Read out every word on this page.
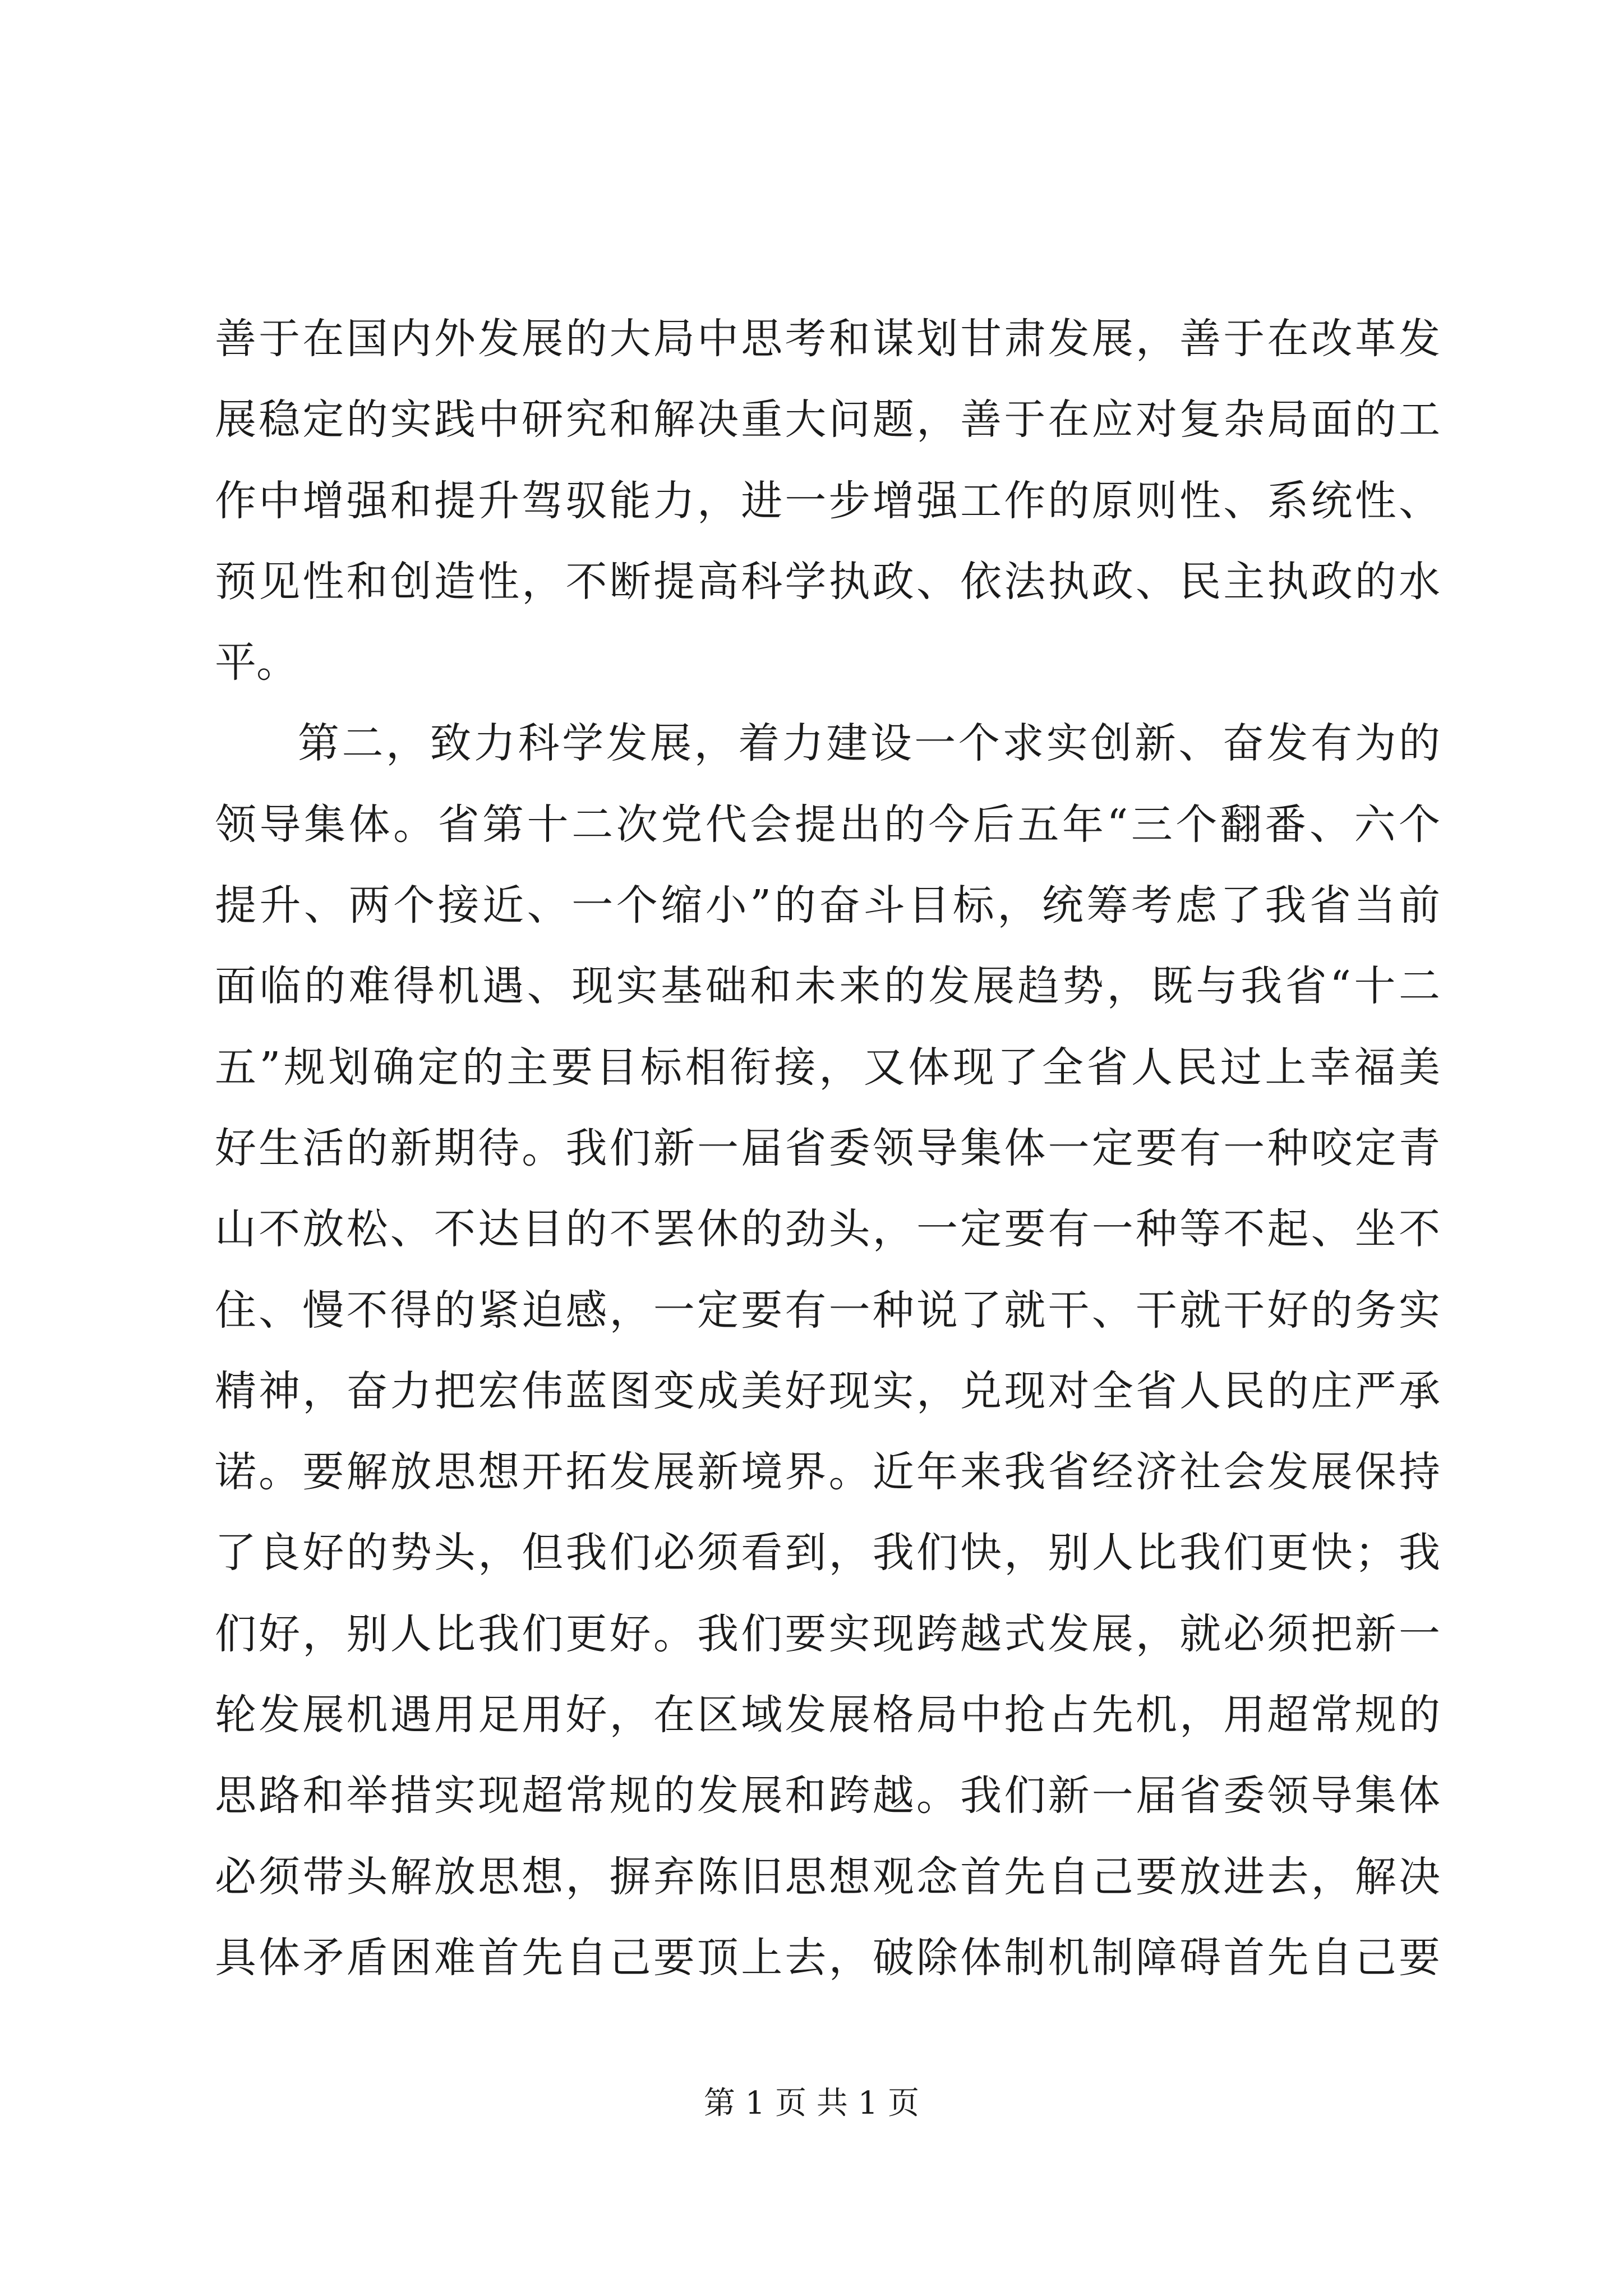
善于在国内外发展的大局中思考和谋划甘肃发展，善于在改革发
展稳定的实践中研究和解决重大问题，善于在应对复杂局面的工
作中增强和提升驾驭能力，进一步增强工作的原则性、系统性、
预见性和创造性，不断提高科学执政、依法执政、民主执政的水
平。
第二，致力科学发展，着力建设一个求实创新、奋发有为的
领导集体。省第十二次党代会提出的今后五年“三个翻番、六个
提升、两个接近、一个缩小”的奋斗目标，统筹考虑了我省当前
面临的难得机遇、现实基础和未来的发展趋势，既与我省“十二
五”规划确定的主要目标相衔接，又体现了全省人民过上幸福美
好生活的新期待。我们新一届省委领导集体一定要有一种咬定青
山不放松、不达目的不罢休的劲头，一定要有一种等不起、坐不
住、慢不得的紧迫感，一定要有一种说了就干、干就干好的务实
精神，奋力把宏伟蓝图变成美好现实，兑现对全省人民的庄严承
诺。要解放思想开拓发展新境界。近年来我省经济社会发展保持
了良好的势头，但我们必须看到，我们快，别人比我们更快；我
们好，别人比我们更好。我们要实现跨越式发展，就必须把新一
轮发展机遇用足用好，在区域发展格局中抢占先机，用超常规的
思路和举措实现超常规的发展和跨越。我们新一届省委领导集体
必须带头解放思想，摒弃陈旧思想观念首先自己要放进去，解决
具体矛盾困难首先自己要顶上去，破除体制机制障碍首先自己要
第 1 页 共 1 页
